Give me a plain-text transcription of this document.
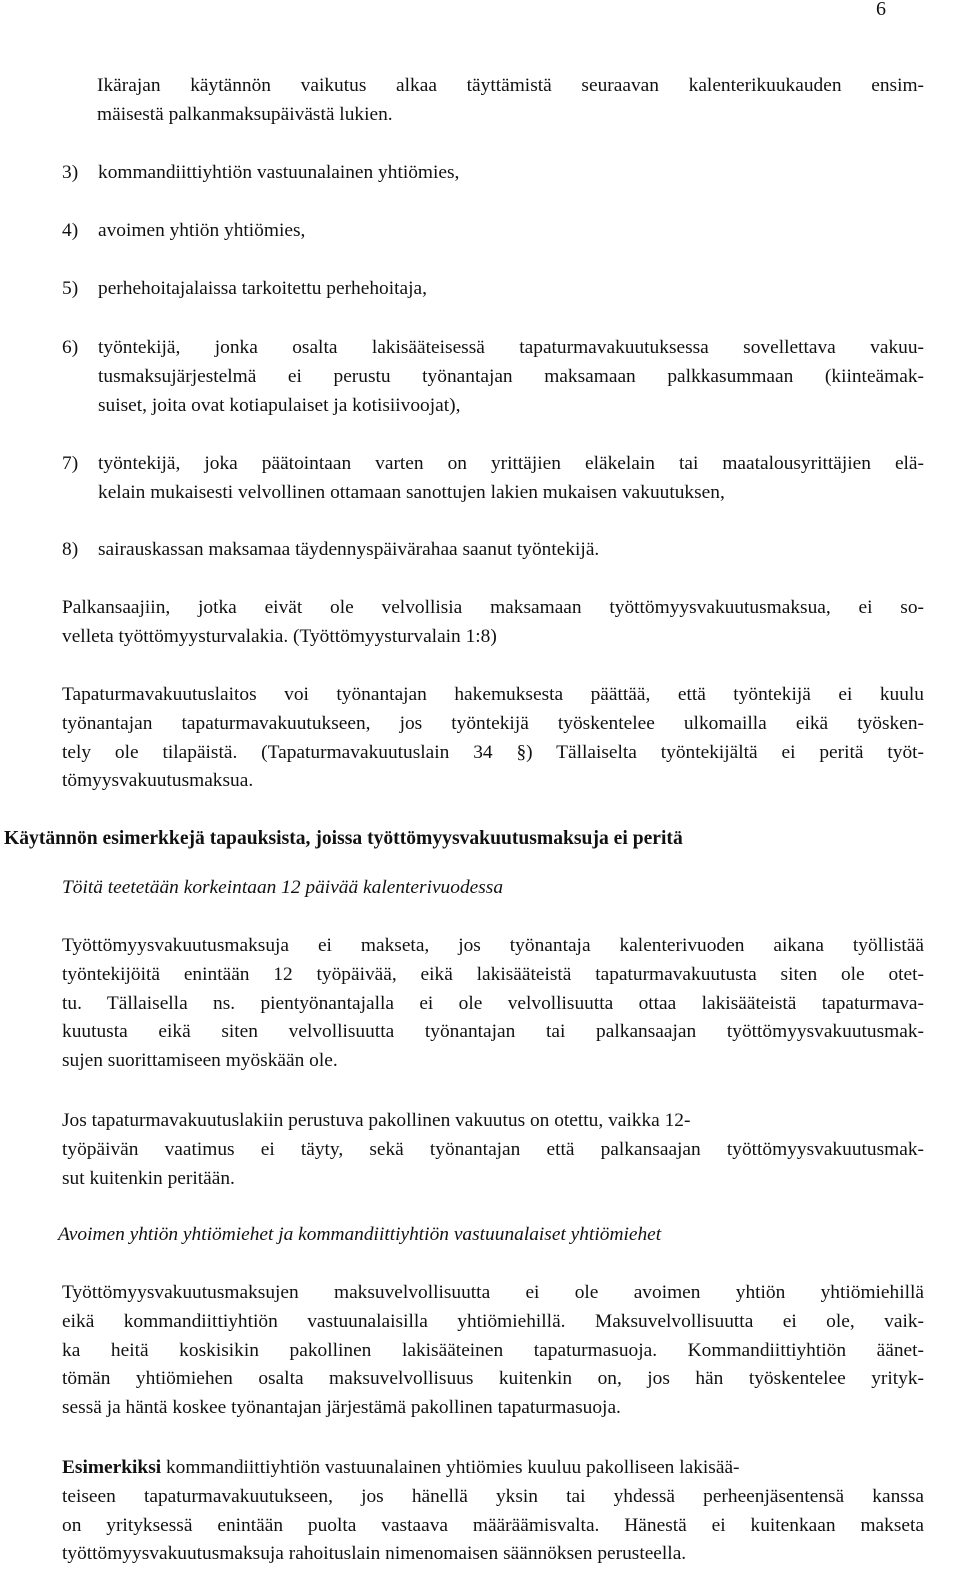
6
Ikärajan käytännön vaikutus alkaa täyttämistä seuraavan kalenterikuukauden ensim-
mäisestä palkanmaksupäivästä lukien.
3) kommandiittiyhtiön vastuunalainen yhtiömies,
4) avoimen yhtiön yhtiömies,
5) perhehoitajalaissa tarkoitettu perhehoitaja,
6) työntekijä, jonka osalta lakisääteisessä tapaturmavakuutuksessa sovellettava vakuu-
tusmaksujärjestelmä ei perustu työnantajan maksamaan palkkasummaan (kiinteämak-
suiset, joita ovat kotiapulaiset ja kotisiivoojat),
7) työntekijä, joka päätointaan varten on yrittäjien eläkelain tai maatalousyrittäjien elä-
kelain mukaisesti velvollinen ottamaan sanottujen lakien mukaisen vakuutuksen,
8) sairauskassan maksamaa täydennyspäivärahaa saanut työntekijä.
Palkansaajiin, jotka eivät ole velvollisia maksamaan työttömyysvakuutusmaksua, ei so-
velleta työttömyysturvalakia. (Työttömyysturvalain 1:8)
Tapaturmavakuutuslaitos voi työnantajan hakemuksesta päättää, että työntekijä ei kuulu
työnantajan tapaturmavakuutukseen, jos työntekijä työskentelee ulkomailla eikä työsken-
tely ole tilapäistä. (Tapaturmavakuutuslain 34 §) Tällaiselta työntekijältä ei peritä työt-
tömyysvakuutusmaksua.
Käytännön esimerkkejä tapauksista, joissa työttömyysvakuutusmaksuja ei peritä
Töitä teetetään korkeintaan 12 päivää kalenterivuodessa
Työttömyysvakuutusmaksuja ei makseta, jos työnantaja kalenterivuoden aikana työllistää
työntekijöitä enintään 12 työpäivää, eikä lakisääteistä tapaturmavakuutusta siten ole otet-
tu. Tällaisella ns. pientyönantajalla ei ole velvollisuutta ottaa lakisääteistä tapaturmava-
kuutusta eikä siten velvollisuutta työnantajan tai palkansaajan työttömyysvakuutusmak-
sujen suorittamiseen myöskään ole.
Jos tapaturmavakuutuslakiin perustuva pakollinen vakuutus on otettu, vaikka 12-
työpäivän vaatimus ei täyty, sekä työnantajan että palkansaajan työttömyysvakuutusmak-
sut kuitenkin peritään.
Avoimen yhtiön yhtiömiehet ja kommandiittiyhtiön vastuunalaiset yhtiömiehet
Työttömyysvakuutusmaksujen maksuvelvollisuutta ei ole avoimen yhtiön yhtiömiehillä
eikä kommandiittiyhtiön vastuunalaisilla yhtiömiehillä. Maksuvelvollisuutta ei ole, vaik-
ka heitä koskisikin pakollinen lakisääteinen tapaturmasuoja. Kommandiittiyhtiön äänet-
tömän yhtiömiehen osalta maksuvelvollisuus kuitenkin on, jos hän työskentelee yrityk-
sessä ja häntä koskee työnantajan järjestämä pakollinen tapaturmasuoja.
Esimerkiksi kommandiittiyhtiön vastuunalainen yhtiömies kuuluu pakolliseen lakisää-
teiseen tapaturmavakuutukseen, jos hänellä yksin tai yhdessä perheenjäsentensä kanssa
on yrityksessä enintään puolta vastaava määräämisvalta. Hänestä ei kuitenkaan makseta
työttömyysvakuutusmaksuja rahoituslain nimenomaisen säännöksen perusteella.
